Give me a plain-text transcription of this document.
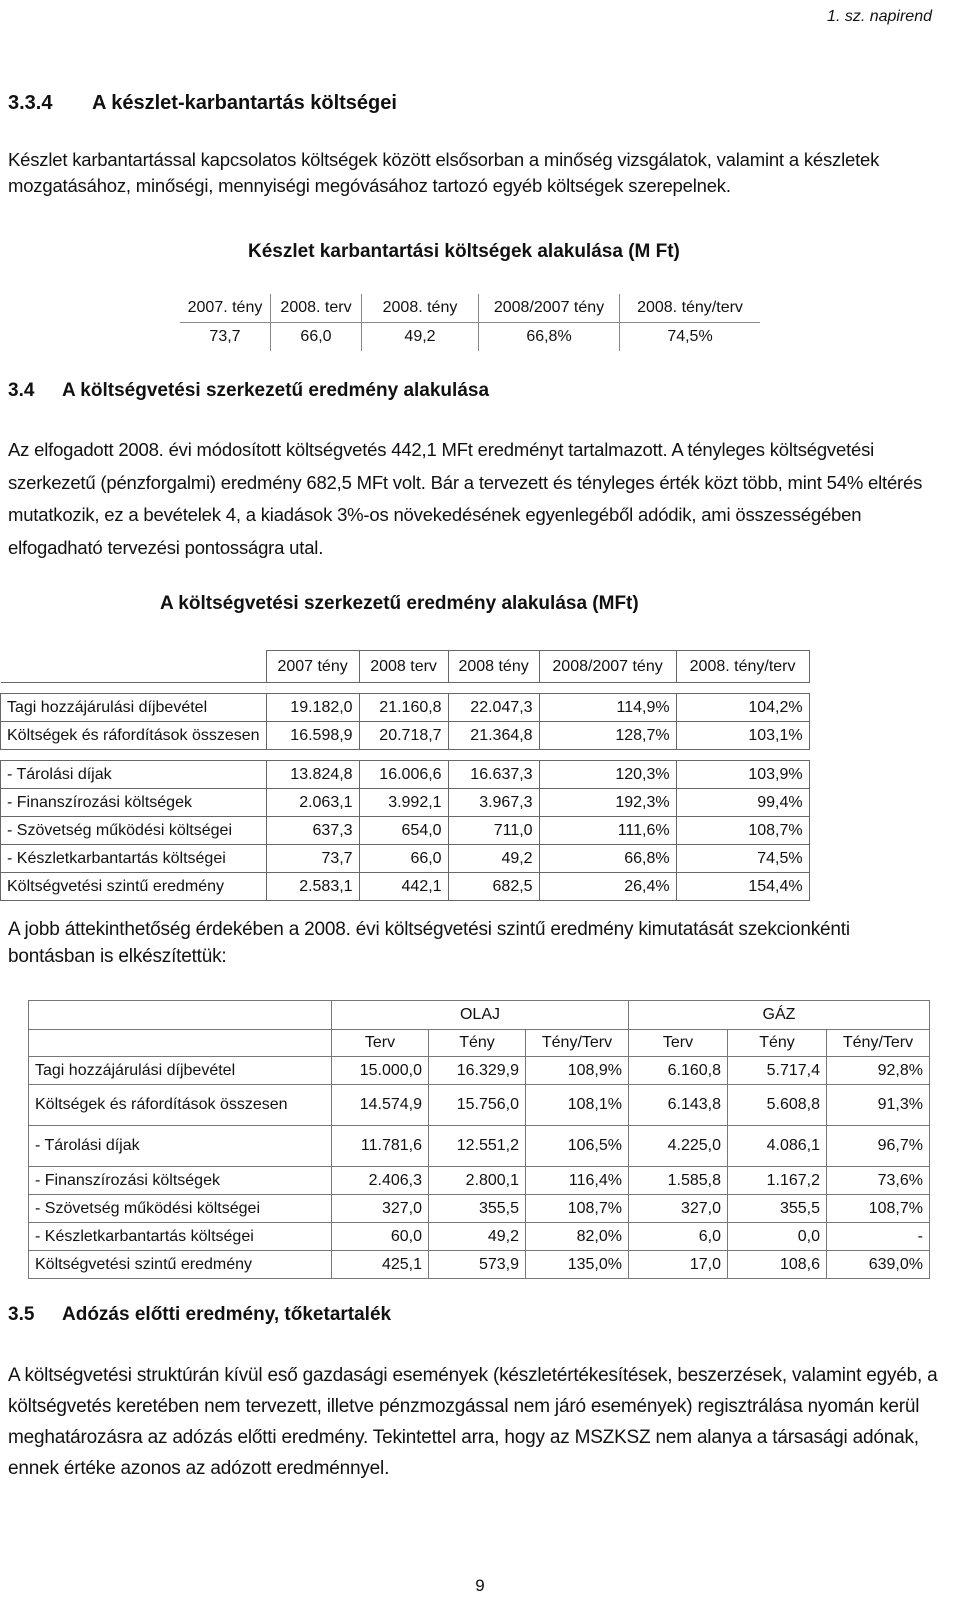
1. sz. napirend
3.3.4 A készlet-karbantartás költségei

Készlet karbantartással kapcsolatos költségek között elsősorban a minőség vizsgálatok, valamint a készletek mozgatásához, minőségi, mennyiségi megóvásához tartozó egyéb költségek szerepelnek.

Készlet karbantartási költségek alakulása (M Ft)
2007. tény	2008. terv	2008. tény	2008/2007 tény	2008. tény/terv
73,7	66,0	49,2	66,8%	74,5%
3.4 A költségvetési szerkezetű eredmény alakulása

Az elfogadott 2008. évi módosított költségvetés 442,1 MFt eredményt tartalmazott. A tényleges költségvetési szerkezetű (pénzforgalmi) eredmény 682,5 MFt volt. Bár a tervezett és tényleges érték közt több, mint 54% eltérés mutatkozik, ez a bevételek 4, a kiadások 3%-os növekedésének egyenlegéből adódik, ami összességében elfogadható tervezési pontosságra utal.

A költségvetési szerkezetű eredmény alakulása (MFt)
	2007 tény	2008 terv	2008 tény	2008/2007 tény	2008. tény/terv

Tagi hozzájárulási díjbevétel	19.182,0	21.160,8	22.047,3	114,9%	104,2%
Költségek és ráfordítások összesen	16.598,9	20.718,7	21.364,8	128,7%	103,1%

- Tárolási díjak	13.824,8	16.006,6	16.637,3	120,3%	103,9%
- Finanszírozási költségek	2.063,1	3.992,1	3.967,3	192,3%	99,4%
- Szövetség működési költségei	637,3	654,0	711,0	111,6%	108,7%
- Készletkarbantartás költségei	73,7	66,0	49,2	66,8%	74,5%
Költségvetési szintű eredmény	2.583,1	442,1	682,5	26,4%	154,4%

A jobb áttekinthetőség érdekében a 2008. évi költségvetési szintű eredmény kimutatását szekcionkénti bontásban is elkészítettük:

	OLAJ			GÁZ		
	Terv	Tény	Tény/Terv	Terv	Tény	Tény/Terv
Tagi hozzájárulási díjbevétel	15.000,0	16.329,9	108,9%	6.160,8	5.717,4	92,8%
Költségek és ráfordítások összesen	14.574,9	15.756,0	108,1%	6.143,8	5.608,8	91,3%
- Tárolási díjak	11.781,6	12.551,2	106,5%	4.225,0	4.086,1	96,7%
- Finanszírozási költségek	2.406,3	2.800,1	116,4%	1.585,8	1.167,2	73,6%
- Szövetség működési költségei	327,0	355,5	108,7%	327,0	355,5	108,7%
- Készletkarbantartás költségei	60,0	49,2	82,0%	6,0	0,0	-
Költségvetési szintű eredmény	425,1	573,9	135,0%	17,0	108,6	639,0%
3.5 Adózás előtti eredmény, tőketartalék

A költségvetési struktúrán kívül eső gazdasági események (készletértékesítések, beszerzések, valamint egyéb, a költségvetés keretében nem tervezett, illetve pénzmozgással nem járó események) regisztrálása nyomán kerül meghatározásra az adózás előtti eredmény. Tekintettel arra, hogy az MSZKSZ nem alanya a társasági adónak, ennek értéke azonos az adózott eredménnyel.

9
